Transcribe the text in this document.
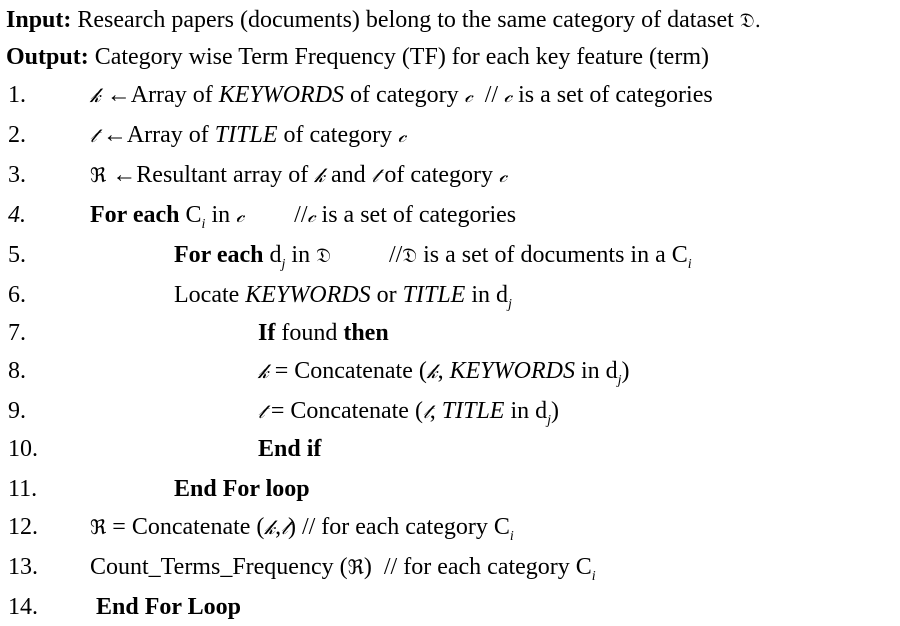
Input: Research papers (documents) belong to the same category of dataset 𝔇.
Output: Category wise Term Frequency (TF) for each key feature (term)
1.	𝓀 ←Array of KEYWORDS of category 𝒸  // 𝒸 is a set of categories
2.	𝓉 ←Array of TITLE of category 𝒸
3.	ℜ ←Resultant array of 𝓀 and 𝓉 of category 𝒸
4.	For each $C_i$ in 𝒸 //𝒸 is a set of categories
5.	For each $d_j$ in 𝔇 //𝔇 is a set of documents in a $C_i$
6.	Locate KEYWORDS or TITLE in $d_j$
7.	If found then
8.	𝓀 = Concatenate (𝓀, KEYWORDS in $d_j$)
9.	𝓉 = Concatenate (𝓉, TITLE in $d_j$)
10.	End if
11.	End For loop
12.	ℜ = Concatenate (𝓀,𝓉) // for each category $C_i$
13. Count_Terms_Frequency (ℜ)  // for each category $C_i$
14. End For Loop
